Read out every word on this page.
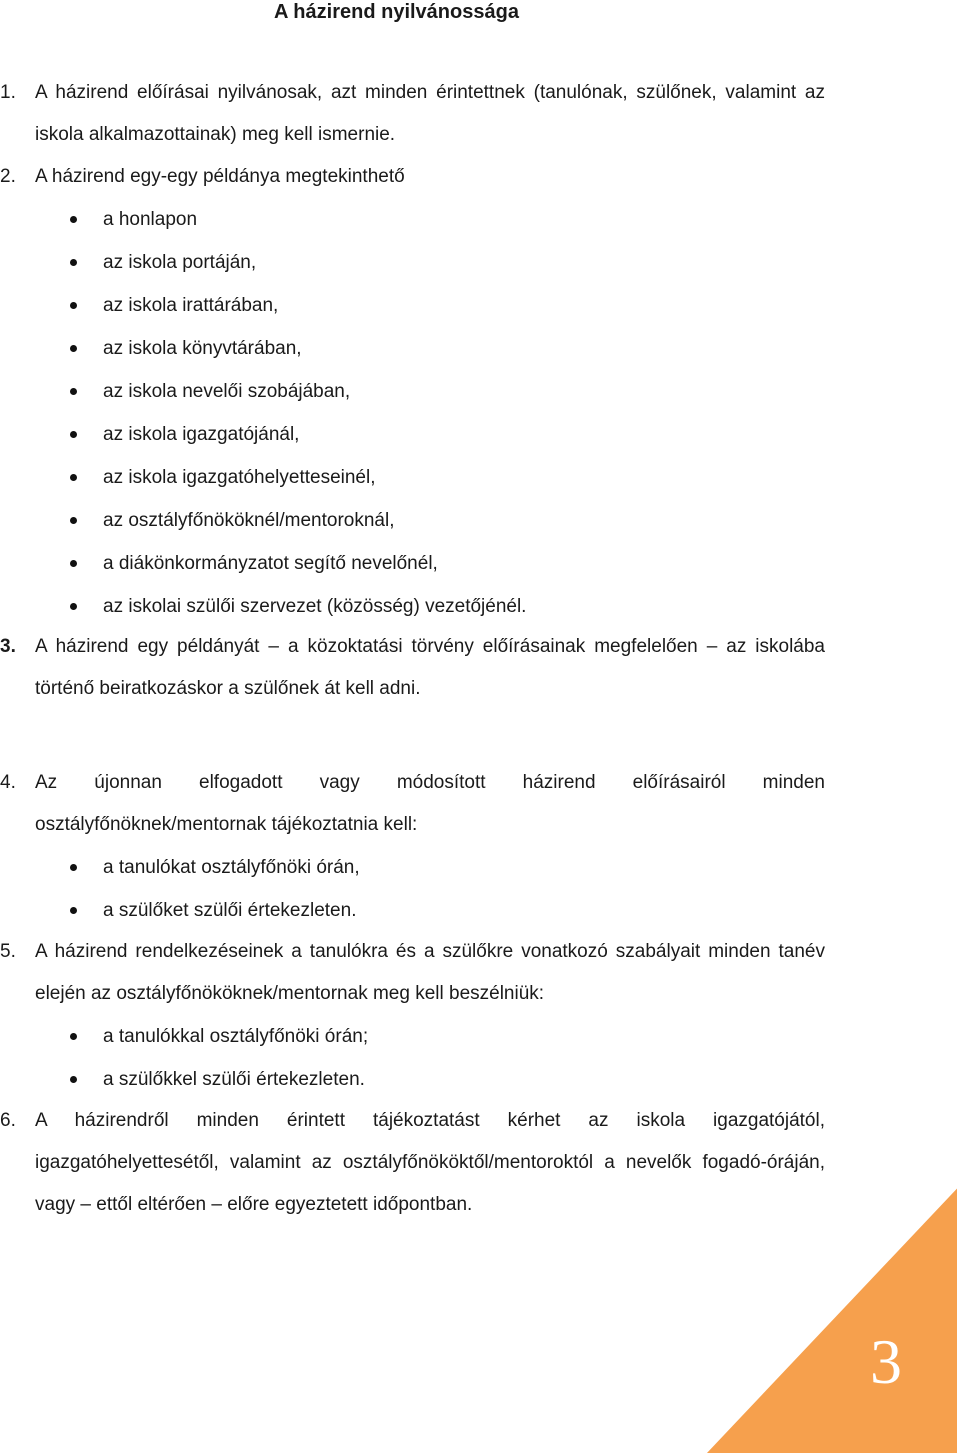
A házirend nyilvánossága
1.	A házirend előírásai nyilvánosak, azt minden érintettnek (tanulónak, szülőnek, valamint az iskola alkalmazottainak) meg kell ismernie.
2.	A házirend egy-egy példánya megtekinthető
a honlapon
az iskola portáján,
az iskola irattárában,
az iskola könyvtárában,
az iskola nevelői szobájában,
az iskola igazgatójánál,
az iskola igazgatóhelyetteseinél,
az osztályfőnököknél/mentoroknál,
a diákönkormányzatot segítő nevelőnél,
az iskolai szülői szervezet (közösség) vezetőjénél.
3.	A házirend egy példányát – a közoktatási törvény előírásainak megfelelően – az iskolába történő beiratkozáskor a szülőnek át kell adni.
4.	Az újonnan elfogadott vagy módosított házirend előírásairól minden osztályfőnöknek/mentornak tájékoztatnia kell:
a tanulókat osztályfőnöki órán,
a szülőket szülői értekezleten.
5.	A házirend rendelkezéseinek a tanulókra és a szülőkre vonatkozó szabályait minden tanév elején az osztályfőnököknek/mentornak meg kell beszélniük:
a tanulókkal osztályfőnöki órán;
a szülőkkel szülői értekezleten.
6.	A házirendről minden érintett tájékoztatást kérhet az iskola igazgatójától, igazgatóhelyettesétől, valamint az osztályfőnököktől/mentoroktól a nevelők fogadó-óráján, vagy – ettől eltérően – előre egyeztetett időpontban.
3
